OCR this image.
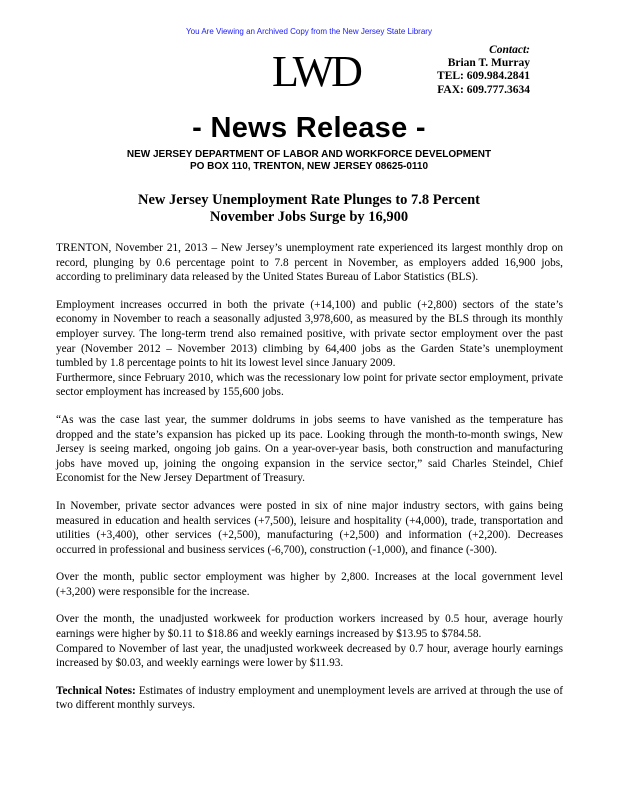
You Are Viewing an Archived Copy from the New Jersey State Library
LWD	Contact:
Brian T. Murray
TEL: 609.984.2841
FAX: 609.777.3634
- News Release -
NEW JERSEY DEPARTMENT OF LABOR AND WORKFORCE DEVELOPMENT
PO BOX 110, TRENTON, NEW JERSEY 08625-0110
New Jersey Unemployment Rate Plunges to 7.8 Percent
November Jobs Surge by 16,900

TRENTON, November 21, 2013 – New Jersey’s unemployment rate experienced its largest monthly drop on record, plunging by 0.6 percentage point to 7.8 percent in November, as employers added 16,900 jobs, according to preliminary data released by the United States Bureau of Labor Statistics (BLS).

Employment increases occurred in both the private (+14,100) and public (+2,800) sectors of the state’s economy in November to reach a seasonally adjusted 3,978,600, as measured by the BLS through its monthly employer survey. The long-term trend also remained positive, with private sector employment over the past year (November 2012 – November 2013) climbing by 64,400 jobs as the Garden State’s unemployment tumbled by 1.8 percentage points to hit its lowest level since January 2009.

Furthermore, since February 2010, which was the recessionary low point for private sector employment, private sector employment has increased by 155,600 jobs.

“As was the case last year, the summer doldrums in jobs seems to have vanished as the temperature has dropped and the state’s expansion has picked up its pace. Looking through the month-to-month swings, New Jersey is seeing marked, ongoing job gains. On a year-over-year basis, both construction and manufacturing jobs have moved up, joining the ongoing expansion in the service sector,” said Charles Steindel, Chief Economist for the New Jersey Department of Treasury.

In November, private sector advances were posted in six of nine major industry sectors, with gains being measured in education and health services (+7,500), leisure and hospitality (+4,000), trade, transportation and utilities (+3,400), other services (+2,500), manufacturing (+2,500) and information (+2,200). Decreases occurred in professional and business services (-6,700), construction (-1,000), and finance (-300).

Over the month, public sector employment was higher by 2,800. Increases at the local government level (+3,200) were responsible for the increase.

Over the month, the unadjusted workweek for production workers increased by 0.5 hour, average hourly earnings were higher by $0.11 to $18.86 and weekly earnings increased by $13.95 to $784.58.

Compared to November of last year, the unadjusted workweek decreased by 0.7 hour, average hourly earnings increased by $0.03, and weekly earnings were lower by $11.93.

Technical Notes: Estimates of industry employment and unemployment levels are arrived at through the use of two different monthly surveys.
